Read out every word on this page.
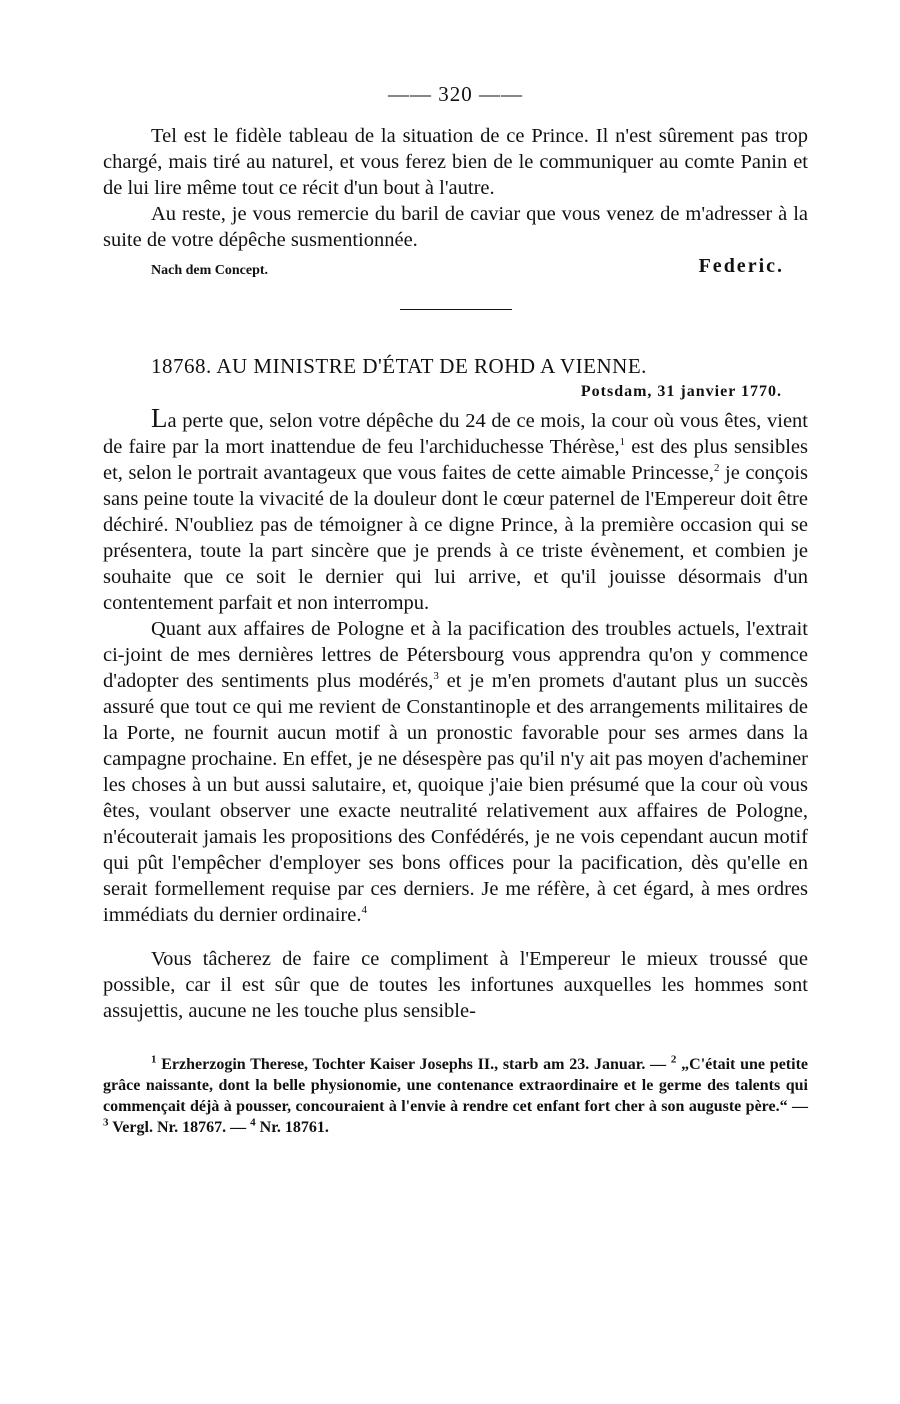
—— 320 ——

Tel est le fidèle tableau de la situation de ce Prince. Il n'est sûrement pas trop chargé, mais tiré au naturel, et vous ferez bien de le communiquer au comte Panin et de lui lire même tout ce récit d'un bout à l'autre.

Au reste, je vous remercie du baril de caviar que vous venez de m'adresser à la suite de votre dépêche susmentionnée.

Nach dem Concept.	Federic.
18768. AU MINISTRE D'ÉTAT DE ROHD A VIENNE.
Potsdam, 31 janvier 1770.

La perte que, selon votre dépêche du 24 de ce mois, la cour où vous êtes, vient de faire par la mort inattendue de feu l'archiduchesse Thérèse,$^1$ est des plus sensibles et, selon le portrait avantageux que vous faites de cette aimable Princesse,$^2$ je conçois sans peine toute la vivacité de la douleur dont le cœur paternel de l'Empereur doit être déchiré. N'oubliez pas de témoigner à ce digne Prince, à la première occasion qui se présentera, toute la part sincère que je prends à ce triste évènement, et combien je souhaite que ce soit le dernier qui lui arrive, et qu'il jouisse désormais d'un contentement parfait et non interrompu.

Quant aux affaires de Pologne et à la pacification des troubles actuels, l'extrait ci-joint de mes dernières lettres de Pétersbourg vous apprendra qu'on y commence d'adopter des sentiments plus modérés,$^3$ et je m'en promets d'autant plus un succès assuré que tout ce qui me revient de Constantinople et des arrangements militaires de la Porte, ne fournit aucun motif à un pronostic favorable pour ses armes dans la campagne prochaine. En effet, je ne désespère pas qu'il n'y ait pas moyen d'acheminer les choses à un but aussi salutaire, et, quoique j'aie bien présumé que la cour où vous êtes, voulant observer une exacte neutralité relativement aux affaires de Pologne, n'écouterait jamais les propositions des Confédérés, je ne vois cependant aucun motif qui pût l'empêcher d'employer ses bons offices pour la pacification, dès qu'elle en serait formellement requise par ces derniers. Je me réfère, à cet égard, à mes ordres immédiats du dernier ordinaire.$^4$

Vous tâcherez de faire ce compliment à l'Empereur le mieux troussé que possible, car il est sûr que de toutes les infortunes auxquelles les hommes sont assujettis, aucune ne les touche plus sensible-

$^1$ Erzherzogin Therese, Tochter Kaiser Josephs II., starb am 23. Januar. — $^2$ „C'était une petite grâce naissante, dont la belle physionomie, une contenance extraordinaire et le germe des talents qui commençait déjà à pousser, concouraient à l'envie à rendre cet enfant fort cher à son auguste père.“ — $^3$ Vergl. Nr. 18767. — $^4$ Nr. 18761.
